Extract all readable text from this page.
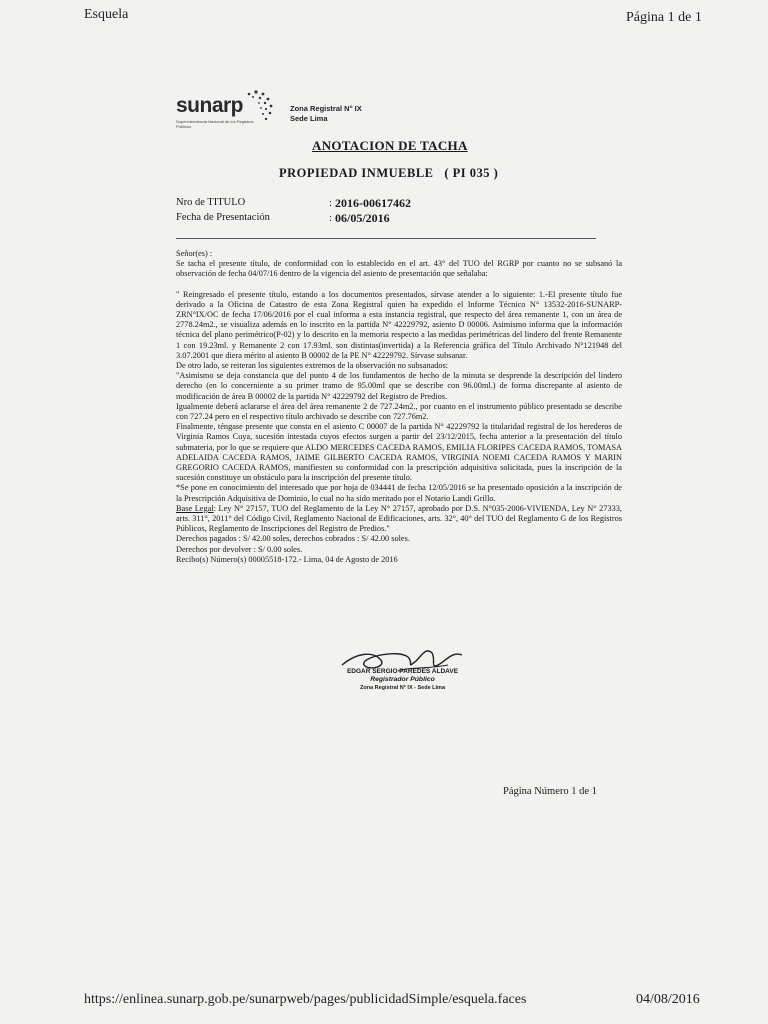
Esquela	Página 1 de 1
sunarp
Superintendencia Nacional de los Registros Públicos
Zona Registral N° IX
Sede Lima
ANOTACION DE TACHA
PROPIEDAD INMUEBLE   ( PI 035 )
Nro de TITULO	: 2016-00617462
Fecha de Presentación	: 06/05/2016

Señor(es) :

Se tacha el presente título, de conformidad con lo establecido en el art. 43° del TUO del RGRP por cuanto no se subsanó la observación de fecha 04/07/16 dentro de la vigencia del asiento de presentación que señalaba:

" Reingresado el presente título, estando a los documentos presentados, sírvase atender a lo siguiente: 1.-El presente título fue derivado a la Oficina de Catastro de esta Zona Registral quien ha expedido el Informe Técnico N° 13532-2016-SUNARP-ZRN°IX/OC de fecha 17/06/2016 por el cual informa a esta instancia registral, que respecto del área remanente 1, con un área de 2778.24m2., se visualiza además en lo inscrito en la partida N° 42229792, asiento D 00006. Asimismo informa que la información técnica del plano perimétrico(P-02) y lo descrito en la memoria respecto a las medidas perimétricas del lindero del frente Remanente 1 con 19.23ml. y Remanente 2 con 17.93ml. son distintas(invertida) a la Referencia gráfica del Título Archivado N°121948 del 3.07.2001 que diera mérito al asiento B 00002 de la PE N° 42229792. Sírvase subsanar.

De otro lado, se reiteran los siguientes extremos de la observación no subsanados:

"Asimismo se deja constancia que del punto 4 de los fundamentos de hecho de la minuta se desprende la descripción del lindero derecho (en lo concerniente a su primer tramo de 95.00ml que se describe con 96.00ml.) de forma discrepante al asiento de modificación de área B 00002 de la partida N° 42229792 del Registro de Predios.

Igualmente deberá aclararse el área del área remanente 2 de 727.24m2., por cuanto en el instrumento público presentado se describe con 727.24 pero en el respectivo título archivado se describe con 727.76m2.

Finalmente, téngase presente que consta en el asiento C 00007 de la partida N° 42229792 la titularidad registral de los herederos de Virginia Ramos Cuya, sucesión intestada cuyos efectos surgen a partir del 23/12/2015, fecha anterior a la presentación del título submateria, por lo que se requiere que ALDO MERCEDES CACEDA RAMOS, EMILIA FLORIPES CACEDA RAMOS, TOMASA ADELAIDA CACEDA RAMOS, JAIME GILBERTO CACEDA RAMOS, VIRGINIA NOEMI CACEDA RAMOS Y MARIN GREGORIO CACEDA RAMOS, manifiesten su conformidad con la prescripción adquisitiva solicitada, pues la inscripción de la sucesión constituye un obstáculo para la inscripción del presente título.

*Se pone en conocimiento del interesado que por hoja de 034441 de fecha 12/05/2016 se ha presentado oposición a la inscripción de la Prescripción Adquisitiva de Dominio, lo cual no ha sido meritado por el Notario Landi Grillo.

Base Legal: Ley N° 27157, TUO del Reglamento de la Ley N° 27157, aprobado por D.S. N°035-2006-VIVIENDA, Ley N° 27333, arts. 311°, 2011° del Código Civil, Reglamento Nacional de Edificaciones, arts. 32°, 40° del TUO del Reglamento G de los Registros Públicos, Reglamento de Inscripciones del Registro de Predios."

Derechos pagados : S/ 42.00 soles, derechos cobrados : S/ 42.00 soles.

Derechos por devolver : S/ 0.00 soles.

Recibo(s) Número(s) 00005518-172.- Lima, 04 de Agosto de 2016

EDGAR SERGIO PAREDES ALDAVE
Registrador Público
Zona Registral N° IX - Sede Lima
Página Número 1 de 1
https://enlinea.sunarp.gob.pe/sunarpweb/pages/publicidadSimple/esquela.faces	04/08/2016
